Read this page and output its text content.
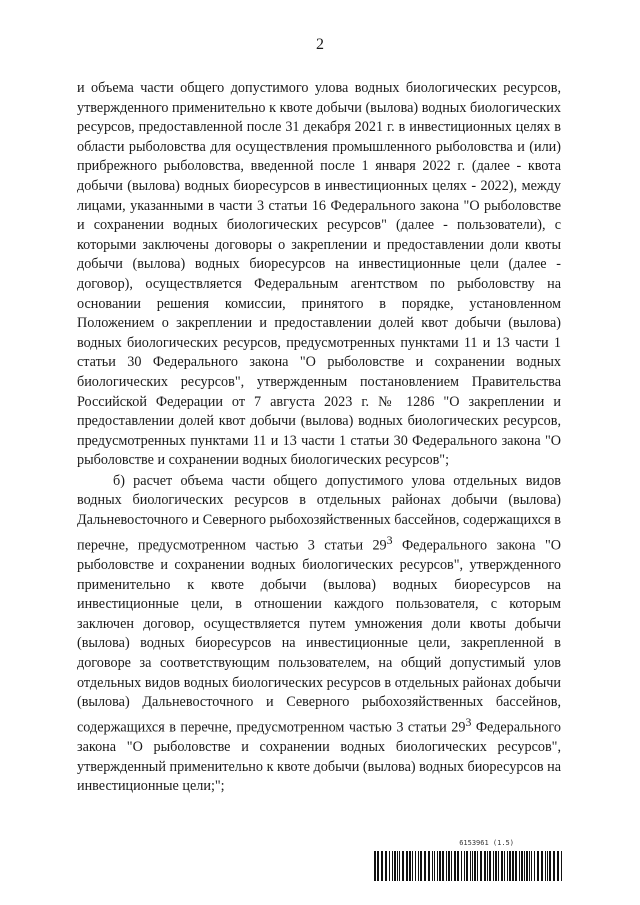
2

и объема части общего допустимого улова водных биологических ресурсов, утвержденного применительно к квоте добычи (вылова) водных биологических ресурсов, предоставленной после 31 декабря 2021 г. в инвестиционных целях в области рыболовства для осуществления промышленного рыболовства и (или) прибрежного рыболовства, введенной после 1 января 2022 г. (далее - квота добычи (вылова) водных биоресурсов в инвестиционных целях - 2022), между лицами, указанными в части 3 статьи 16 Федерального закона "О рыболовстве и сохранении водных биологических ресурсов" (далее - пользователи), с которыми заключены договоры о закреплении и предоставлении доли квоты добычи (вылова) водных биоресурсов на инвестиционные цели (далее - договор), осуществляется Федеральным агентством по рыболовству на основании решения комиссии, принятого в порядке, установленном Положением о закреплении и предоставлении долей квот добычи (вылова) водных биологических ресурсов, предусмотренных пунктами 11 и 13 части 1 статьи 30 Федерального закона "О рыболовстве и сохранении водных биологических ресурсов", утвержденным постановлением Правительства Российской Федерации от 7 августа 2023 г. № 1286 "О закреплении и предоставлении долей квот добычи (вылова) водных биологических ресурсов, предусмотренных пунктами 11 и 13 части 1 статьи 30 Федерального закона "О рыболовстве и сохранении водных биологических ресурсов";

б) расчет объема части общего допустимого улова отдельных видов водных биологических ресурсов в отдельных районах добычи (вылова) Дальневосточного и Северного рыбохозяйственных бассейнов, содержащихся в перечне, предусмотренном частью 3 статьи $29^3$ Федерального закона "О рыболовстве и сохранении водных биологических ресурсов", утвержденного применительно к квоте добычи (вылова) водных биоресурсов на инвестиционные цели, в отношении каждого пользователя, с которым заключен договор, осуществляется путем умножения доли квоты добычи (вылова) водных биоресурсов на инвестиционные цели, закрепленной в договоре за соответствующим пользователем, на общий допустимый улов отдельных видов водных биологических ресурсов в отдельных районах добычи (вылова) Дальневосточного и Северного рыбохозяйственных бассейнов, содержащихся в перечне, предусмотренном частью 3 статьи $29^3$ Федерального закона "О рыболовстве и сохранении водных биологических ресурсов", утвержденный применительно к квоте добычи (вылова) водных биоресурсов на инвестиционные цели;";

6153961 (1.5)
